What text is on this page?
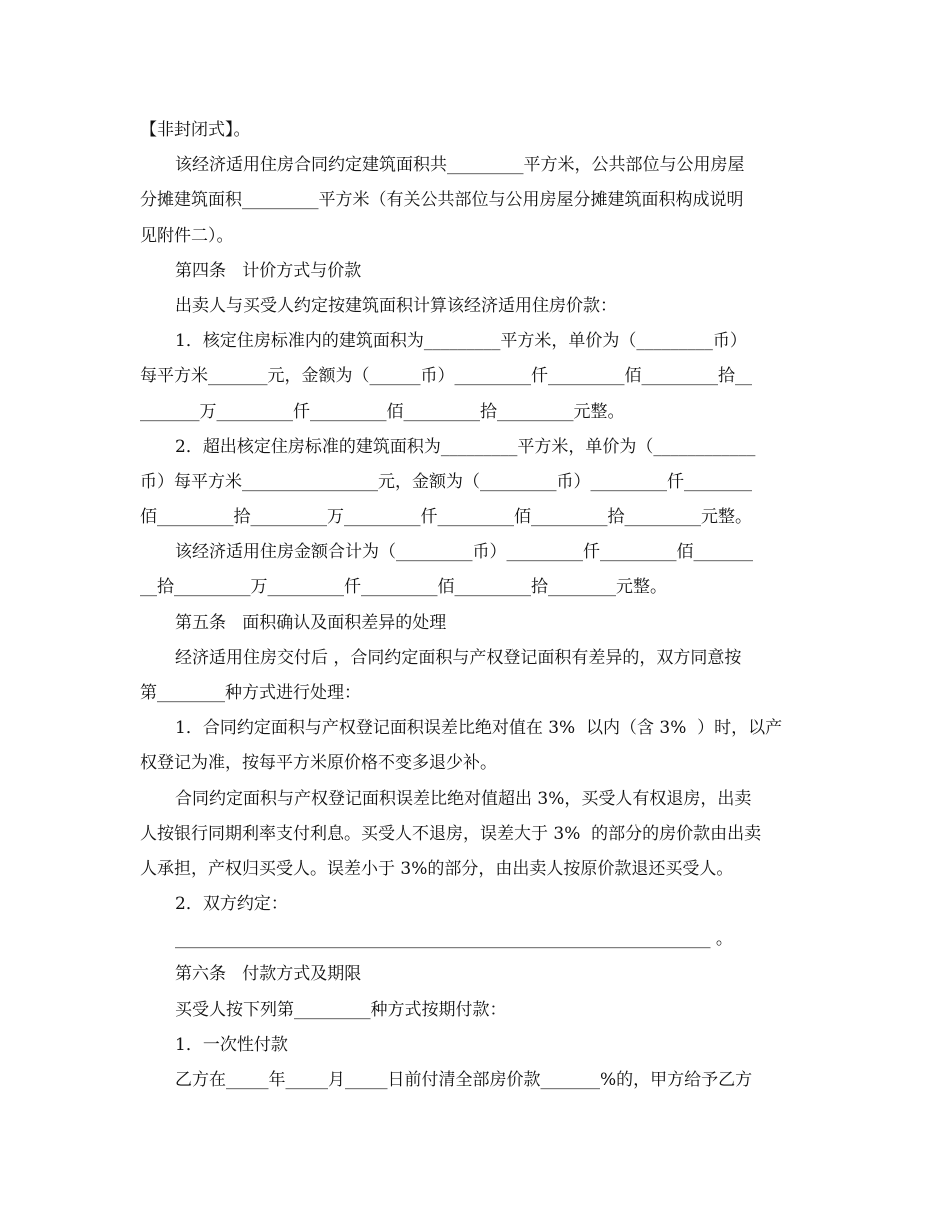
【非封闭式】。
该经济适用住房合同约定建筑面积共_________平方米，公共部位与公用房屋
分摊建筑面积_________平方米（有关公共部位与公用房屋分摊建筑面积构成说明
见附件二）。
第四条   计价方式与价款
出卖人与买受人约定按建筑面积计算该经济适用住房价款：
1．核定住房标准内的建筑面积为_________平方米，单价为（_________币）
每平方米_______元，金额为（______币）_________仟_________佰_________拾__
_______万_________仟_________佰_________拾_________元整。
2．超出核定住房标准的建筑面积为_________平方米，单价为（____________
币）每平方米________________元，金额为（_________币）_________仟________
佰_________拾_________万_________仟_________佰_________拾_________元整。
该经济适用住房金额合计为（_________币）_________仟_________佰_______
__拾_________万_________仟_________佰_________拾________元整。
第五条   面积确认及面积差异的处理
经济适用住房交付后 ，合同约定面积与产权登记面积有差异的，双方同意按
第________种方式进行处理：
1．合同约定面积与产权登记面积误差比绝对值在 3%  以内（含 3%  ）时，以产
权登记为准，按每平方米原价格不变多退少补。
合同约定面积与产权登记面积误差比绝对值超出 3%，买受人有权退房，出卖
人按银行同期利率支付利息。买受人不退房，误差大于 3%  的部分的房价款由出卖
人承担，产权归买受人。误差小于 3%的部分，由出卖人按原价款退还买受人。
2．双方约定：
_______________________________________________________________ 。
第六条   付款方式及期限
买受人按下列第_________种方式按期付款：
1．一次性付款
乙方在_____年_____月_____日前付清全部房价款_______%的，甲方给予乙方
